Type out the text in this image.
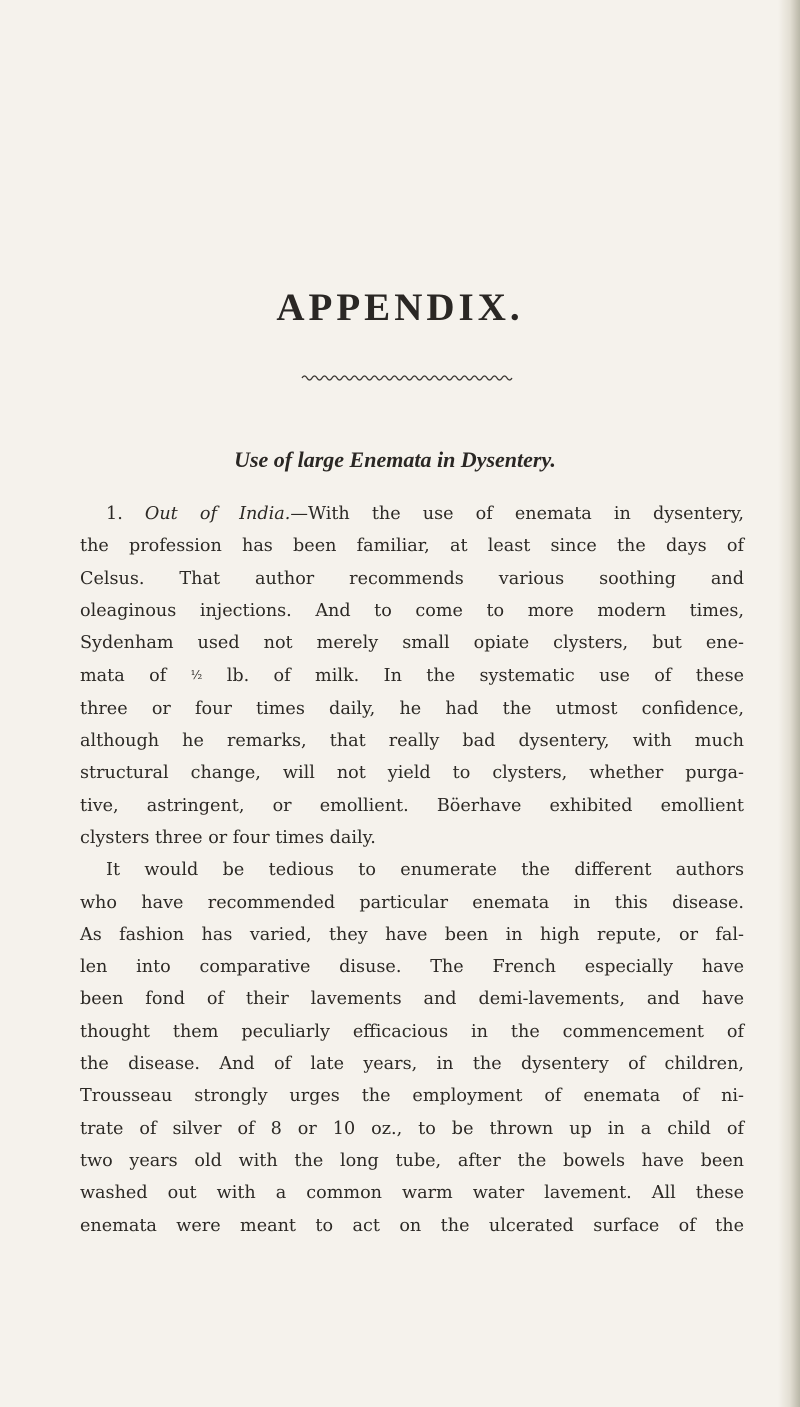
APPENDIX.
Use of large Enemata in Dysentery.
1. Out of India.—With the use of enemata in dysentery,
the profession has been familiar, at least since the days of
Celsus. That author recommends various soothing and
oleaginous injections. And to come to more modern times,
Sydenham used not merely small opiate clysters, but ene-
mata of ½ lb. of milk. In the systematic use of these
three or four times daily, he had the utmost confidence,
although he remarks, that really bad dysentery, with much
structural change, will not yield to clysters, whether purga-
tive, astringent, or emollient. Böerhave exhibited emollient
clysters three or four times daily.
It would be tedious to enumerate the different authors
who have recommended particular enemata in this disease.
As fashion has varied, they have been in high repute, or fal-
len into comparative disuse. The French especially have
been fond of their lavements and demi-lavements, and have
thought them peculiarly efficacious in the commencement of
the disease. And of late years, in the dysentery of children,
Trousseau strongly urges the employment of enemata of ni-
trate of silver of 8 or 10 oz., to be thrown up in a child of
two years old with the long tube, after the bowels have been
washed out with a common warm water lavement. All these
enemata were meant to act on the ulcerated surface of the
